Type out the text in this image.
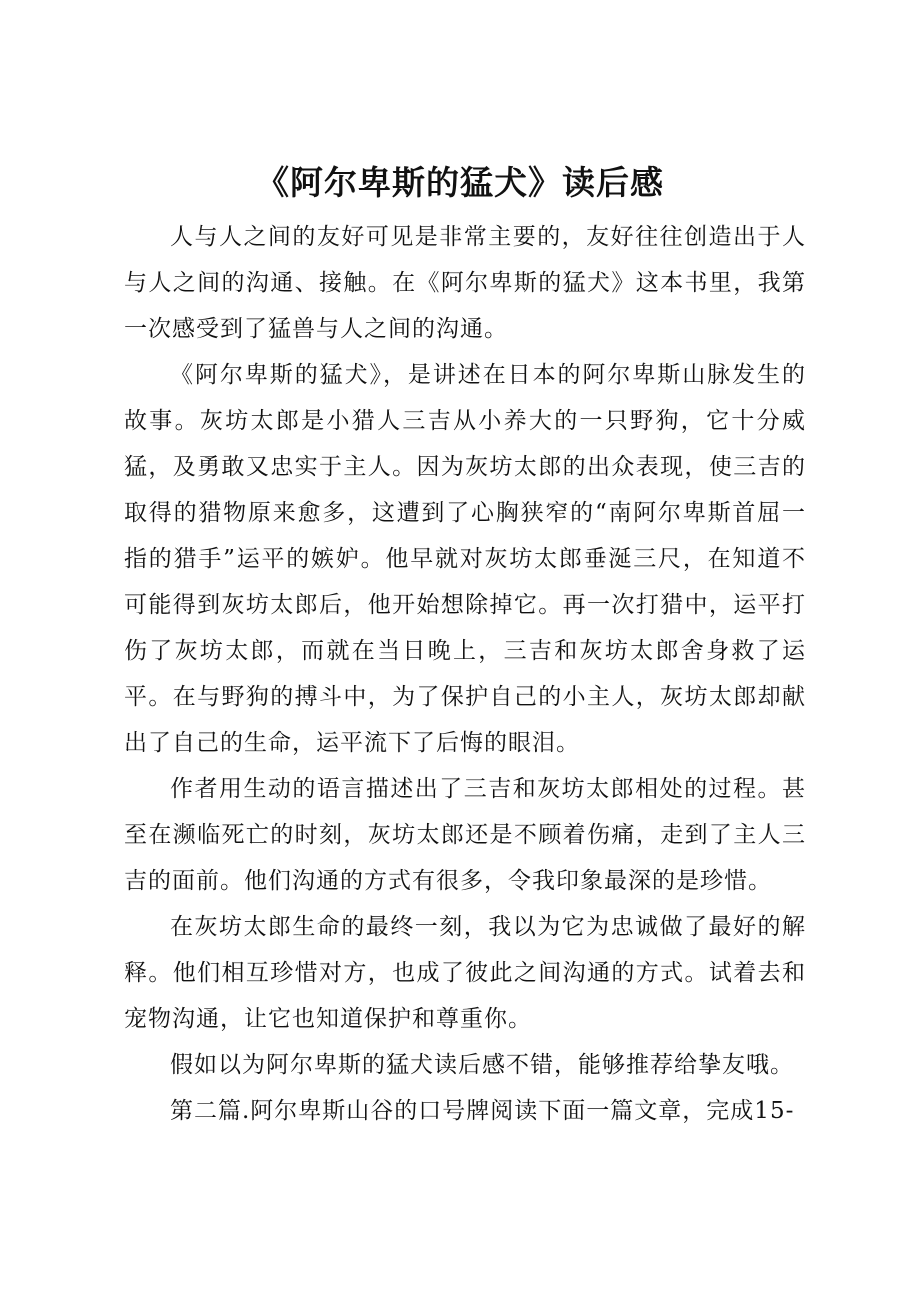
《阿尔卑斯的猛犬》读后感

人与人之间的友好可见是非常主要的，友好往往创造出于人与人之间的沟通、接触。在《阿尔卑斯的猛犬》这本书里，我第一次感受到了猛兽与人之间的沟通。

《阿尔卑斯的猛犬》，是讲述在日本的阿尔卑斯山脉发生的故事。灰坊太郎是小猎人三吉从小养大的一只野狗，它十分威猛，及勇敢又忠实于主人。因为灰坊太郎的出众表现，使三吉的取得的猎物原来愈多，这遭到了心胸狭窄的“南阿尔卑斯首屈一指的猎手”运平的嫉妒。他早就对灰坊太郎垂涎三尺，在知道不可能得到灰坊太郎后，他开始想除掉它。再一次打猎中，运平打伤了灰坊太郎，而就在当日晚上，三吉和灰坊太郎舍身救了运平。在与野狗的搏斗中，为了保护自己的小主人，灰坊太郎却献出了自己的生命，运平流下了后悔的眼泪。

作者用生动的语言描述出了三吉和灰坊太郎相处的过程。甚至在濒临死亡的时刻，灰坊太郎还是不顾着伤痛，走到了主人三吉的面前。他们沟通的方式有很多，令我印象最深的是珍惜。

在灰坊太郎生命的最终一刻，我以为它为忠诚做了最好的解释。他们相互珍惜对方，也成了彼此之间沟通的方式。试着去和宠物沟通，让它也知道保护和尊重你。

假如以为阿尔卑斯的猛犬读后感不错，能够推荐给挚友哦。

第二篇.阿尔卑斯山谷的口号牌阅读下面一篇文章，完成15-
